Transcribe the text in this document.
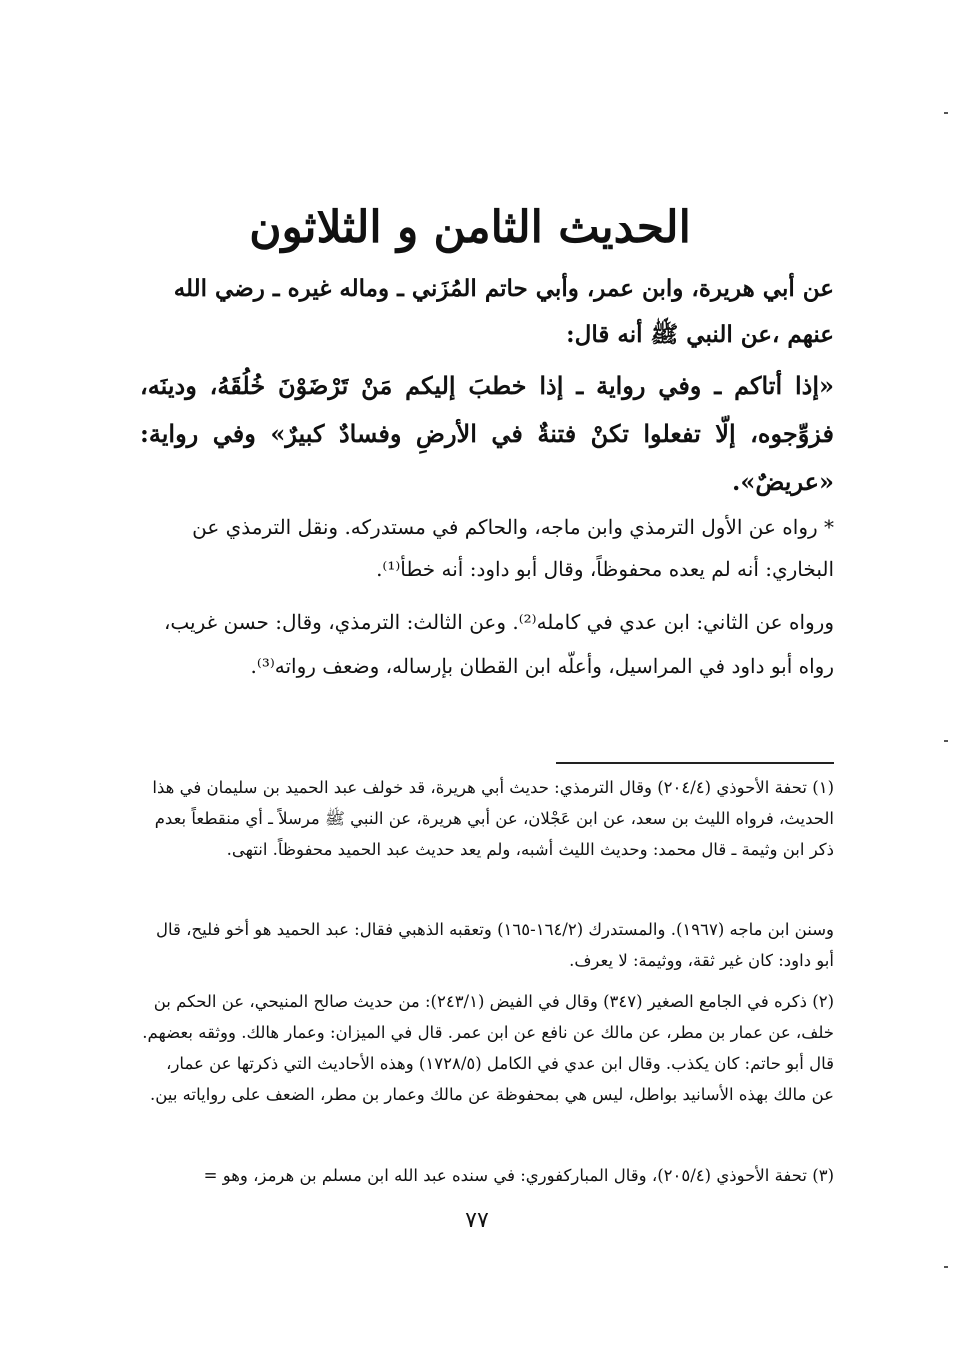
الحديث الثامن و الثلاثون
عن أبي هريرة، وابن عمر، وأبي حاتم المُزَني ـ وماله غيره ـ رضي الله عنهم ،عن النبي ﷺ أنه قال:
«إذا أتاكم ـ وفي رواية ـ إذا خطبَ إليكم مَنْ تَرْضَوْنَ خُلُقَهُ، ودينَه، فزوِّجوه، إلّا تفعلوا تكنْ فتنةٌ في الأرضِ وفسادٌ كبيرٌ» وفي رواية: «عريضٌ».
* رواه عن الأول الترمذي وابن ماجه، والحاكم في مستدركه. ونقل الترمذي عن البخاري: أنه لم يعده محفوظاً، وقال أبو داود: أنه خطأ⁽¹⁾.
ورواه عن الثاني: ابن عدي في كامله⁽²⁾. وعن الثالث: الترمذي، وقال: حسن غريب، رواه أبو داود في المراسيل، وأعلّه ابن القطان بإرساله، وضعف رواته⁽³⁾.
(١) تحفة الأحوذي (٢٠٤/٤) وقال الترمذي: حديث أبي هريرة، قد خولف عبد الحميد بن سليمان في هذا الحديث، فرواه الليث بن سعد، عن ابن عَجْلان، عن أبي هريرة، عن النبي ﷺ مرسلاً ـ أي منقطعاً بعدم ذكر ابن وثيمة ـ قال محمد: وحديث الليث أشبه، ولم يعد حديث عبد الحميد محفوظاً. انتهى.
وسنن ابن ماجه (١٩٦٧). والمستدرك (١٦٤/٢-١٦٥) وتعقبه الذهبي فقال: عبد الحميد هو أخو فليح، قال أبو داود: كان غير ثقة، ووثيمة: لا يعرف.
(٢) ذكره في الجامع الصغير (٣٤٧) وقال في الفيض (٢٤٣/١): من حديث صالح المنيحي، عن الحكم بن خلف، عن عمار بن مطر، عن مالك عن نافع عن ابن عمر. قال في الميزان: وعمار هالك. ووثقه بعضهم. قال أبو حاتم: كان يكذب. وقال ابن عدي في الكامل (١٧٢٨/٥) وهذه الأحاديث التي ذكرتها عن عمار، عن مالك بهذه الأسانيد بواطل، ليس هي بمحفوظة عن مالك وعمار بن مطر، الضعف على رواياته بين.
(٣) تحفة الأحوذي (٢٠٥/٤)، وقال المباركفوري: في سنده عبد الله ابن مسلم بن هرمز، وهو =
٧٧
